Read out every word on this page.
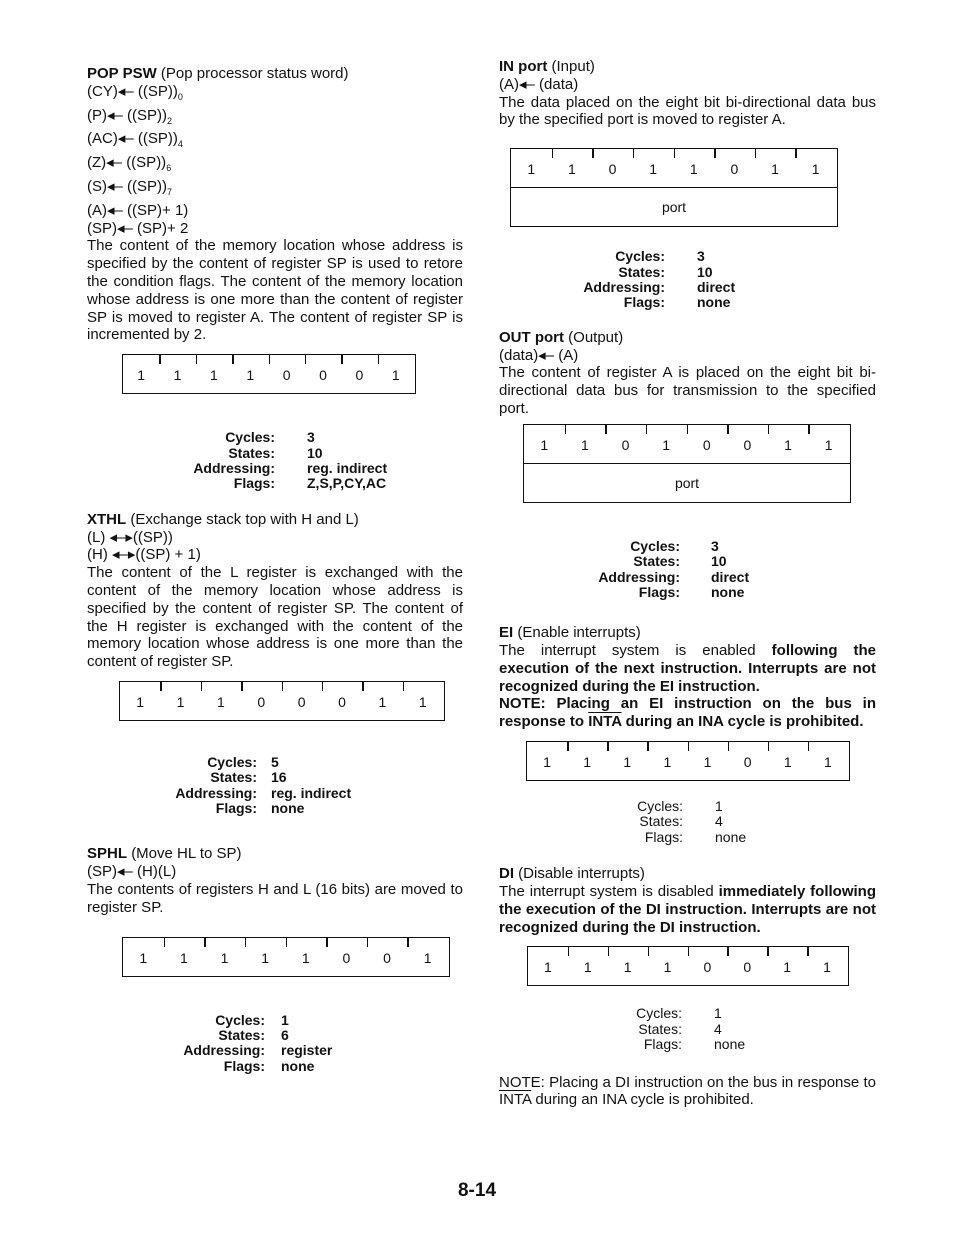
POP PSW (Pop processor status word)

(CY)◂– $((SP))_0$
(P)◂– $((SP))_2$
(AC)◂– $((SP))_4$
(Z)◂– $((SP))_6$
(S)◂– $((SP))_7$
(A)◂– ((SP)+ 1)
(SP)◂– (SP)+ 2

The content of the memory location whose address is specified by the content of register SP is used to retore the condition flags. The content of the memory location whose address is one more than the content of register SP is moved to register A. The content of register SP is incremented by 2.

1	1	1	1	0	0	0	1
Cycles: 3
States: 10
Addressing: reg. indirect
Flags: Z,S,P,CY,AC

XTHL (Exchange stack top with H and L)

(L) ◂–▸((SP))
(H) ◂–▸((SP) + 1)

The content of the L register is exchanged with the content of the memory location whose address is specified by the content of register SP. The content of the H register is exchanged with the content of the memory location whose address is one more than the content of register SP.

1	1	1	0	0	0	1	1
Cycles: 5
States: 16
Addressing: reg. indirect
Flags: none

SPHL (Move HL to SP)

(SP)◂– (H)(L)

The contents of registers H and L (16 bits) are moved to register SP.

1	1	1	1	1	0	0	1
Cycles: 1
States: 6
Addressing: register
Flags: none

IN port (Input)

(A)◂– (data)

The data placed on the eight bit bi-directional data bus by the specified port is moved to register A.

1	1	0	1	1	0	1	1
port
Cycles: 3
States: 10
Addressing: direct
Flags: none

OUT port (Output)

(data)◂– (A)

The content of register A is placed on the eight bit bi-directional data bus for transmission to the specified port.

1	1	0	1	0	0	1	1
port
Cycles: 3
States: 10
Addressing: direct
Flags: none

EI (Enable interrupts)

The interrupt system is enabled following the execution of the next instruction. Interrupts are not recognized during the EI instruction.

NOTE: Placing an EI instruction on the bus in response to INTA during an INA cycle is prohibited.

1	1	1	1	1	0	1	1
Cycles: 1
States: 4
Flags: none

DI (Disable interrupts)

The interrupt system is disabled immediately following the execution of the DI instruction. Interrupts are not recognized during the DI instruction.

1	1	1	1	0	0	1	1
Cycles: 1
States: 4
Flags: none

NOTE: Placing a DI instruction on the bus in response to INTA during an INA cycle is prohibited.

8-14
